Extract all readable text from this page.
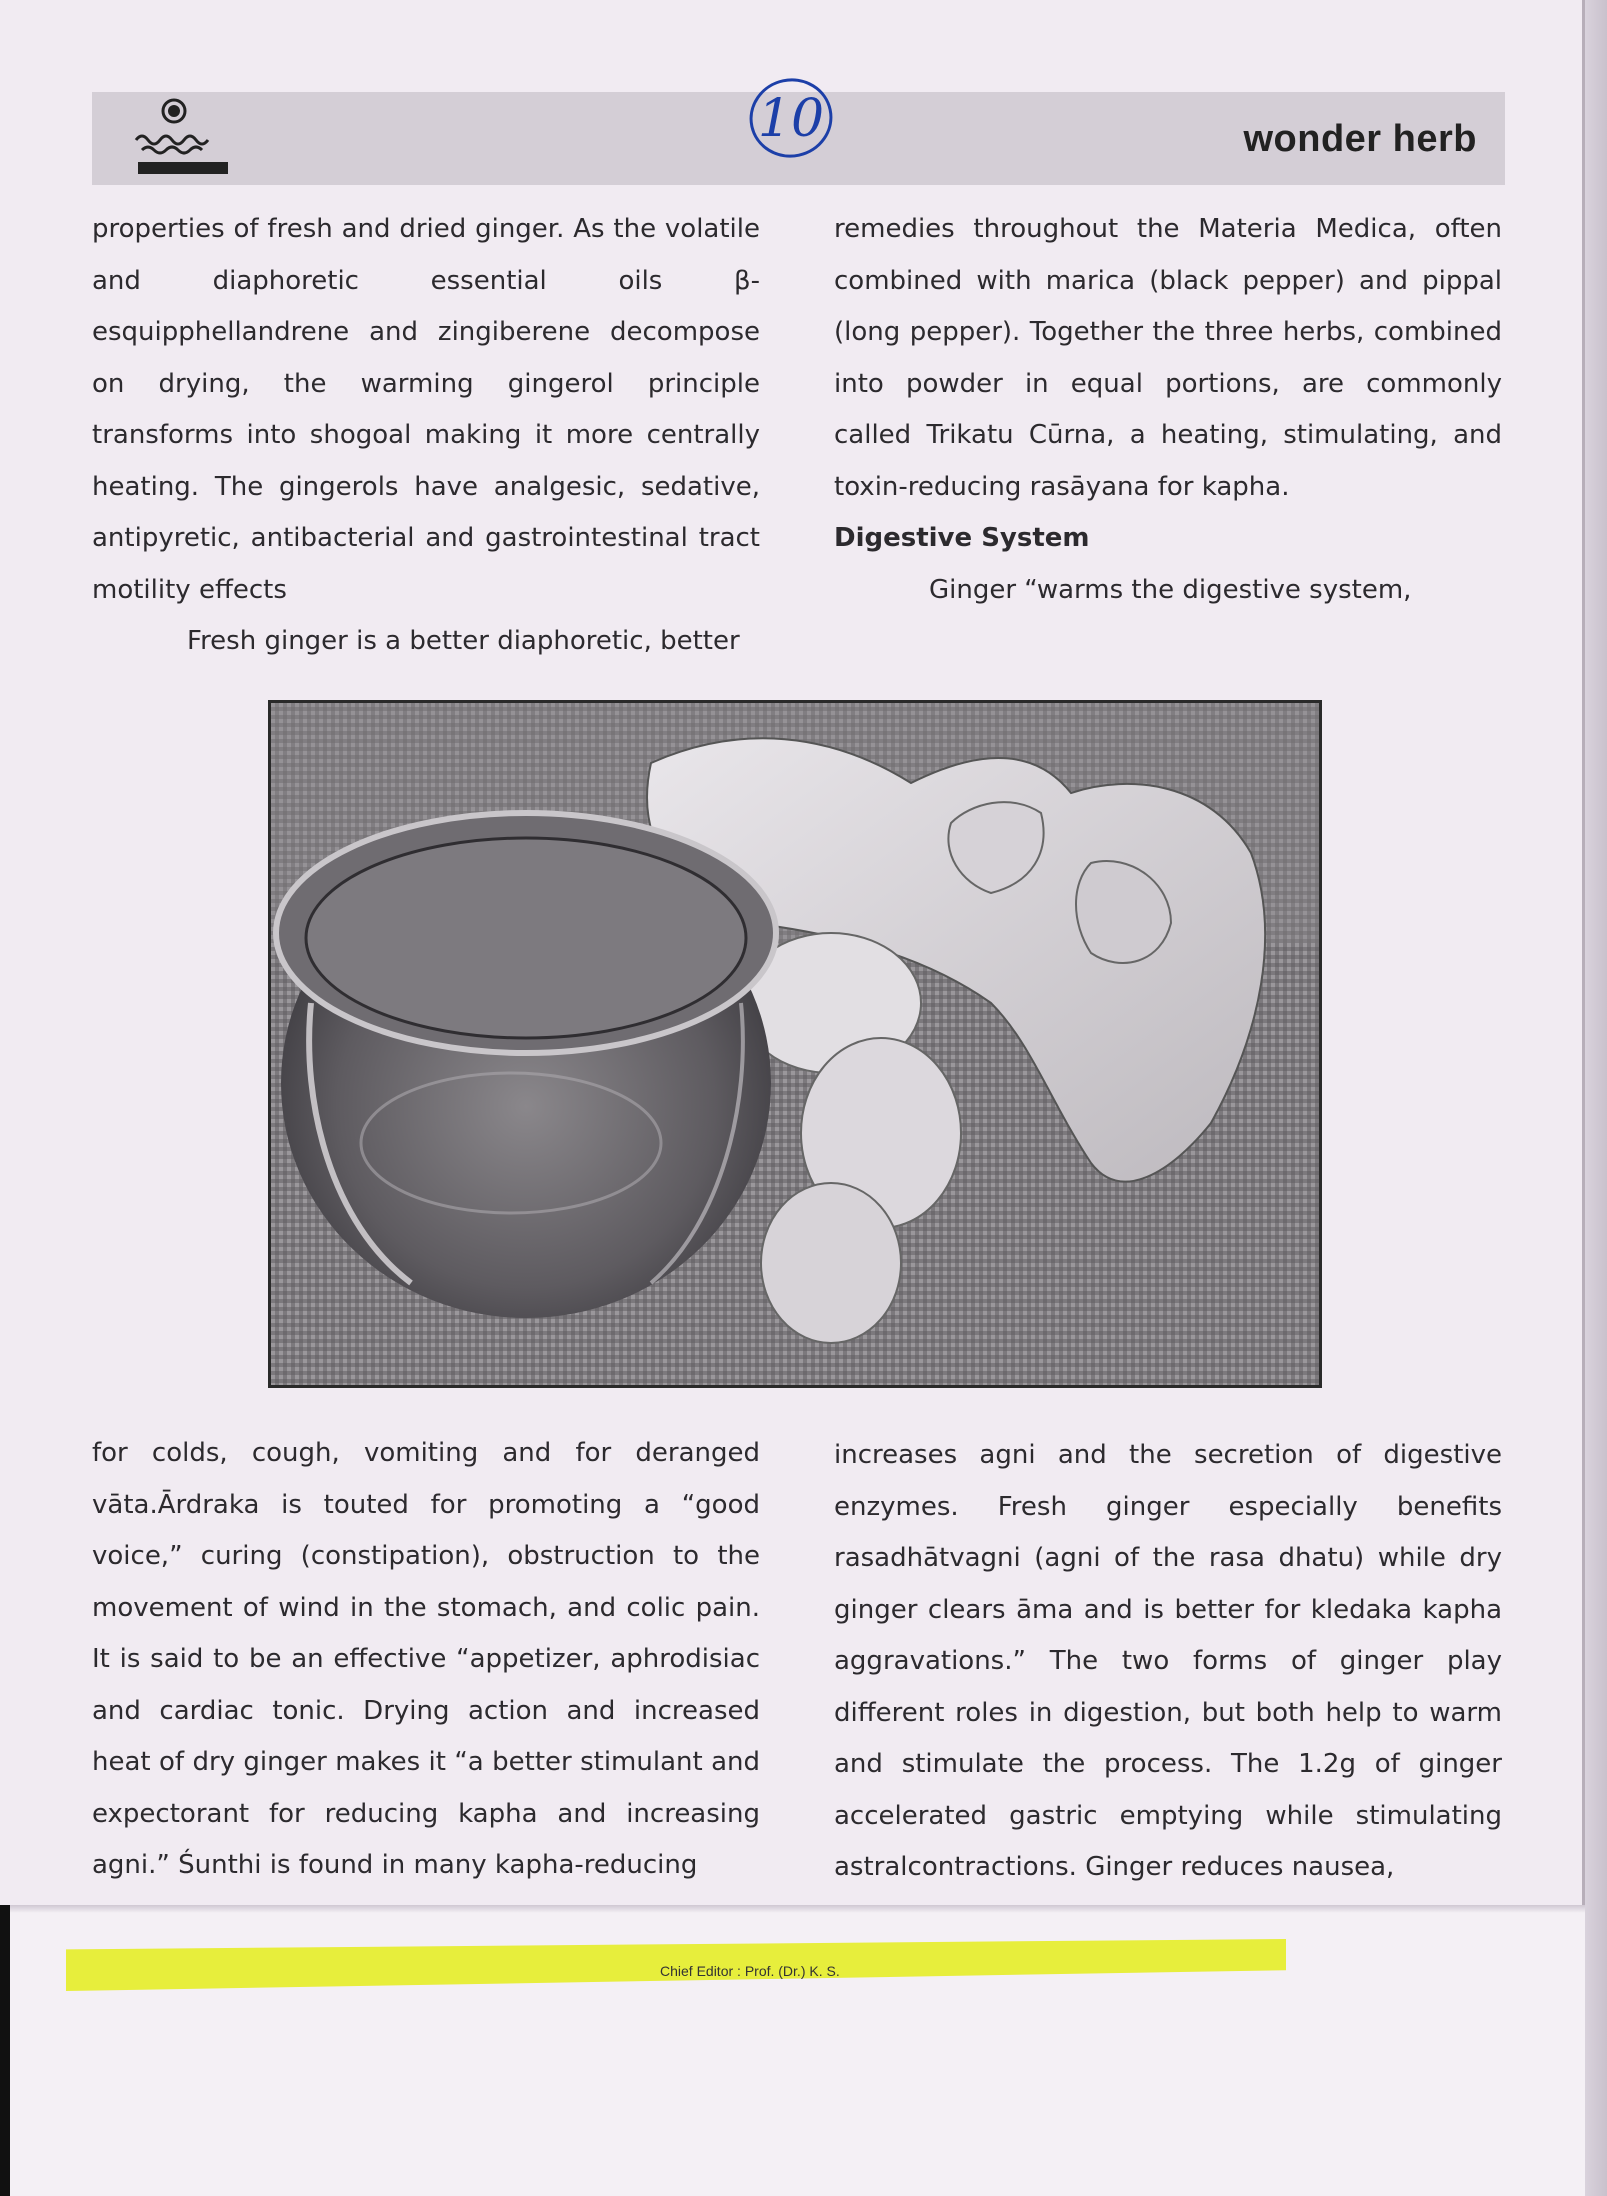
Chief Editor : Prof. (Dr.) K. S.
10	wonder herb

properties of fresh and dried ginger. As the volatile and diaphoretic essential oils β-esquipphellandrene and zingiberene decompose on drying, the warming gingerol principle transforms into shogoal making it more centrally heating. The gingerols have analgesic, sedative, antipyretic, antibacterial and gastrointestinal tract motility effects

Fresh ginger is a better diaphoretic, better

remedies throughout the Materia Medica, often combined with marica (black pepper) and pippal (long pepper). Together the three herbs, combined into powder in equal portions, are commonly called Trikatu Cūrna, a heating, stimulating, and toxin-reducing rasāyana for kapha.

Digestive System

Ginger “warms the digestive system,

for colds, cough, vomiting and for deranged vāta.Ārdraka is touted for promoting a “good voice,” curing (constipation), obstruction to the movement of wind in the stomach, and colic pain. It is said to be an effective “appetizer, aphrodisiac and cardiac tonic. Drying action and increased heat of dry ginger makes it “a better stimulant and expectorant for reducing kapha and increasing agni.” Śunthi is found in many kapha-reducing

increases agni and the secretion of digestive enzymes. Fresh ginger especially benefits rasadhātvagni (agni of the rasa dhatu) while dry ginger clears āma and is better for kledaka kapha aggravations.” The two forms of ginger play different roles in digestion, but both help to warm and stimulate the process. The 1.2g of ginger accelerated gastric emptying while stimulating astralcontractions. Ginger reduces nausea,
